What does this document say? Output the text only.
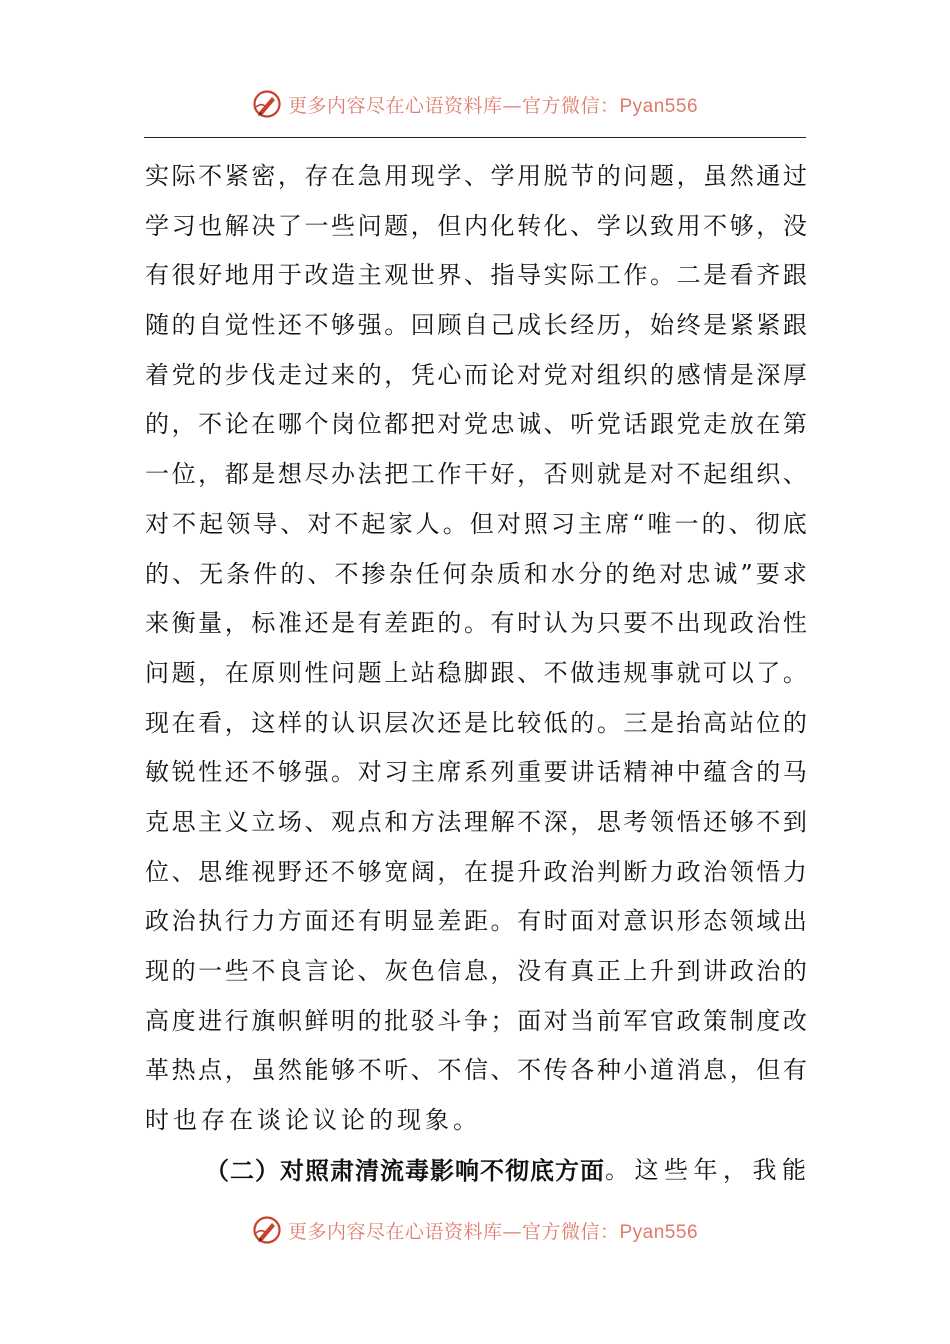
更多内容尽在心语资料库—官方微信：Pyan556
实 际 不 紧 密 ， 存 在 急 用 现 学 、 学 用 脱 节 的 问 题 ， 虽 然 通 过
学 习 也 解 决 了 一 些 问 题 ， 但 内 化 转 化 、 学 以 致 用 不 够 ， 没
有 很 好 地 用 于 改 造 主 观 世 界 、 指 导 实 际 工 作 。 二 是 看 齐 跟
随 的 自 觉 性 还 不 够 强 。 回 顾 自 己 成 长 经 历 ， 始 终 是 紧 紧 跟
着 党 的 步 伐 走 过 来 的 ， 凭 心 而 论 对 党 对 组 织 的 感 情 是 深 厚
的 ， 不 论 在 哪 个 岗 位 都 把 对 党 忠 诚 、 听 党 话 跟 党 走 放 在 第
一 位 ， 都 是 想 尽 办 法 把 工 作 干 好 ， 否 则 就 是 对 不 起 组 织 、
对 不 起 领 导 、 对 不 起 家 人 。 但 对 照 习 主 席 “ 唯 一 的 、 彻 底
的 、 无 条 件 的 、 不 掺 杂 任 何 杂 质 和 水 分 的 绝 对 忠 诚 ” 要 求
来 衡 量 ， 标 准 还 是 有 差 距 的 。 有 时 认 为 只 要 不 出 现 政 治 性
问 题 ， 在 原 则 性 问 题 上 站 稳 脚 跟 、 不 做 违 规 事 就 可 以 了 。
现 在 看 ， 这 样 的 认 识 层 次 还 是 比 较 低 的 。 三 是 抬 高 站 位 的
敏 锐 性 还 不 够 强 。 对 习 主 席 系 列 重 要 讲 话 精 神 中 蕴 含 的 马
克 思 主 义 立 场 、 观 点 和 方 法 理 解 不 深 ， 思 考 领 悟 还 够 不 到
位 、 思 维 视 野 还 不 够 宽 阔 ， 在 提 升 政 治 判 断 力 政 治 领 悟 力
政 治 执 行 力 方 面 还 有 明 显 差 距 。 有 时 面 对 意 识 形 态 领 域 出
现 的 一 些 不 良 言 论 、 灰 色 信 息 ， 没 有 真 正 上 升 到 讲 政 治 的
高 度 进 行 旗 帜 鲜 明 的 批 驳 斗 争 ； 面 对 当 前 军 官 政 策 制 度 改
革 热 点 ， 虽 然 能 够 不 听 、 不 信 、 不 传 各 种 小 道 消 息 ， 但 有
时也存在谈论议论的现象。
（二）对照肃清流毒影响不彻底方面 。 这 些 年 ， 我 能
更多内容尽在心语资料库—官方微信：Pyan556
